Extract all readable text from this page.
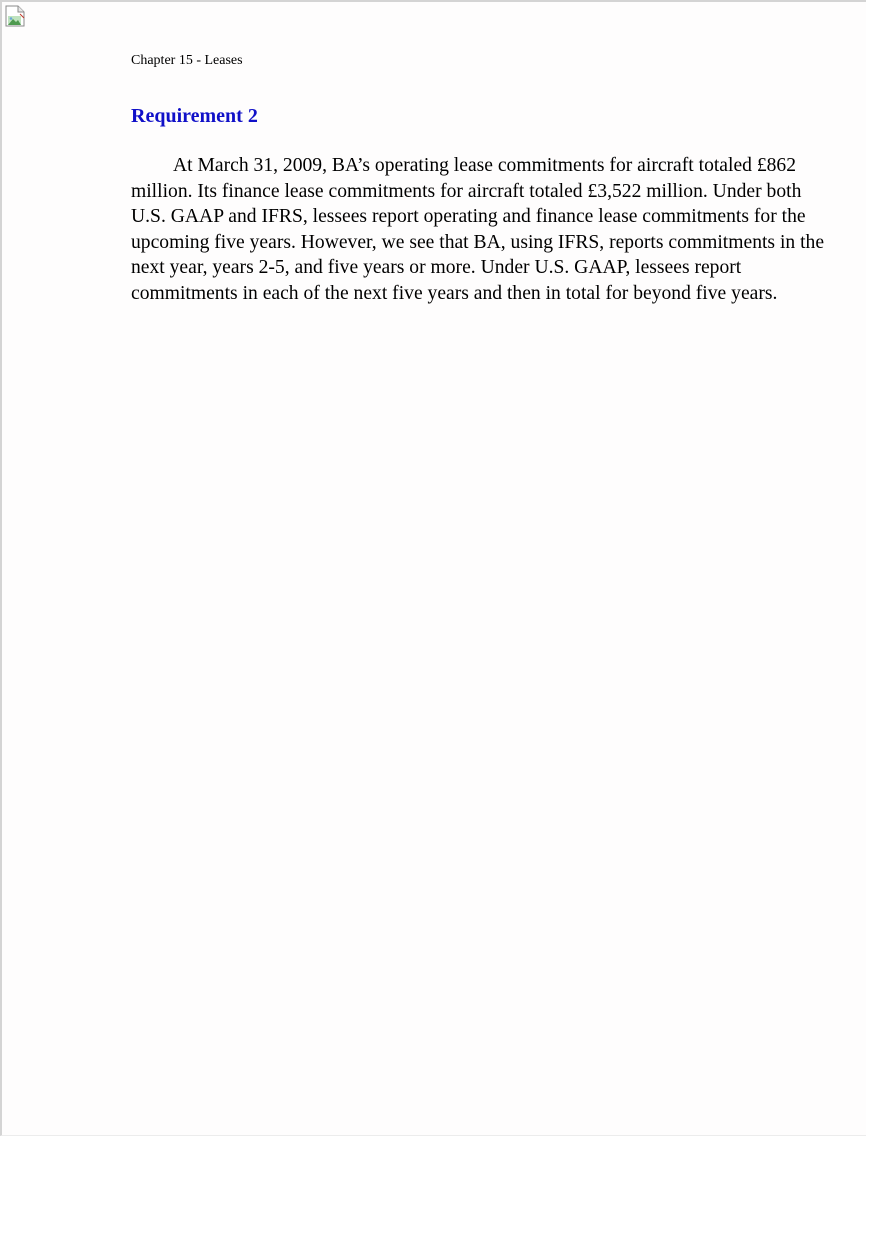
Chapter 15 - Leases
Requirement 2

At March 31, 2009, BA’s operating lease commitments for aircraft totaled £862 million. Its finance lease commitments for aircraft totaled £3,522 million. Under both U.S. GAAP and IFRS, lessees report operating and finance lease commitments for the upcoming five years. However, we see that BA, using IFRS, reports commitments in the next year, years 2-5, and five years or more. Under U.S. GAAP, lessees report commitments in each of the next five years and then in total for beyond five years.
